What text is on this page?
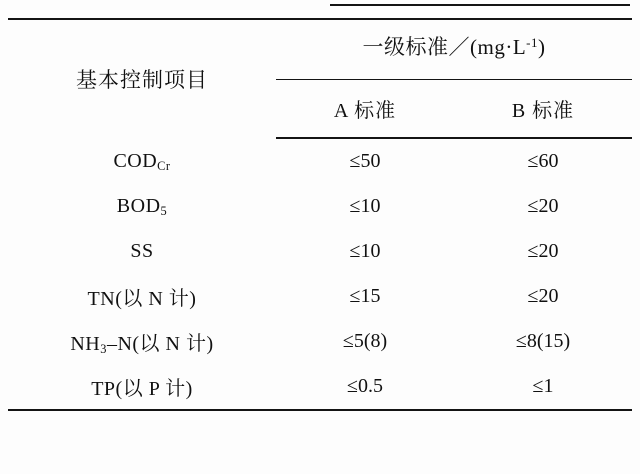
基本控制项目	一级标准$/(mg\cdot L^{-1})$	
	A 标准	B 标准
$COD_{Cr}$	≤50	≤60
$BOD_5$	≤10	≤20
SS	≤10	≤20
TN(以 N 计)	≤15	≤20
$NH_3-N$(以 N 计)	≤5(8)	≤8(15)
TP(以 P 计)	≤0.5	≤1
